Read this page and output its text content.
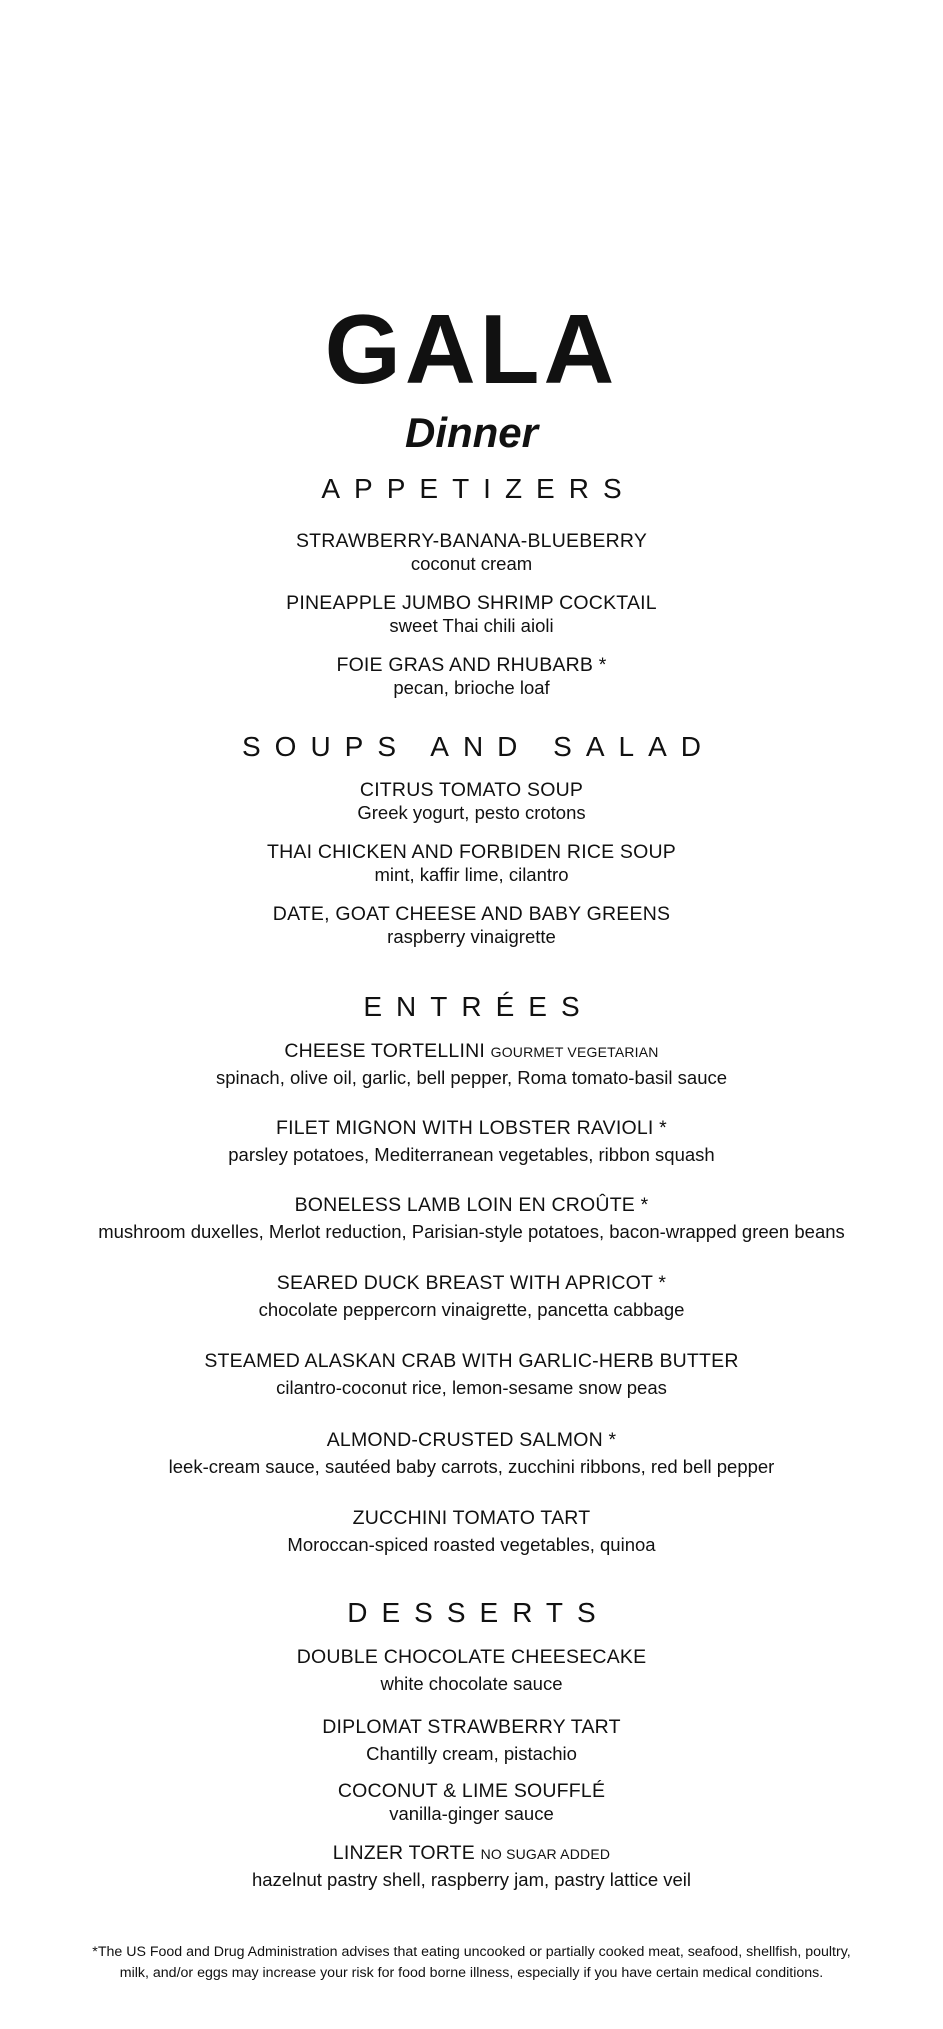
GALA
Dinner
APPETIZERS
STRAWBERRY-BANANA-BLUEBERRY
coconut cream
PINEAPPLE JUMBO SHRIMP COCKTAIL
sweet Thai chili aioli
FOIE GRAS AND RHUBARB *
pecan, brioche loaf
SOUPS AND SALAD
CITRUS TOMATO SOUP
Greek yogurt, pesto crotons
THAI CHICKEN AND FORBIDEN RICE SOUP
mint, kaffir lime, cilantro
DATE, GOAT CHEESE AND BABY GREENS
raspberry vinaigrette
ENTRÉES
CHEESE TORTELLINI GOURMET VEGETARIAN
spinach, olive oil, garlic, bell pepper, Roma tomato-basil sauce
FILET MIGNON WITH LOBSTER RAVIOLI *
parsley potatoes, Mediterranean vegetables, ribbon squash
BONELESS LAMB LOIN EN CROÛTE *
mushroom duxelles, Merlot reduction, Parisian-style potatoes, bacon-wrapped green beans
SEARED DUCK BREAST WITH APRICOT *
chocolate peppercorn vinaigrette, pancetta cabbage
STEAMED ALASKAN CRAB WITH GARLIC-HERB BUTTER
cilantro-coconut rice, lemon-sesame snow peas
ALMOND-CRUSTED SALMON *
leek-cream sauce, sautéed baby carrots, zucchini ribbons, red bell pepper
ZUCCHINI TOMATO TART
Moroccan-spiced roasted vegetables, quinoa
DESSERTS
DOUBLE CHOCOLATE CHEESECAKE
white chocolate sauce
DIPLOMAT STRAWBERRY TART
Chantilly cream, pistachio
COCONUT & LIME SOUFFLÉ
vanilla-ginger sauce
LINZER TORTE NO SUGAR ADDED
hazelnut pastry shell, raspberry jam, pastry lattice veil
*The US Food and Drug Administration advises that eating uncooked or partially cooked meat, seafood, shellfish, poultry,
milk, and/or eggs may increase your risk for food borne illness, especially if you have certain medical conditions.
